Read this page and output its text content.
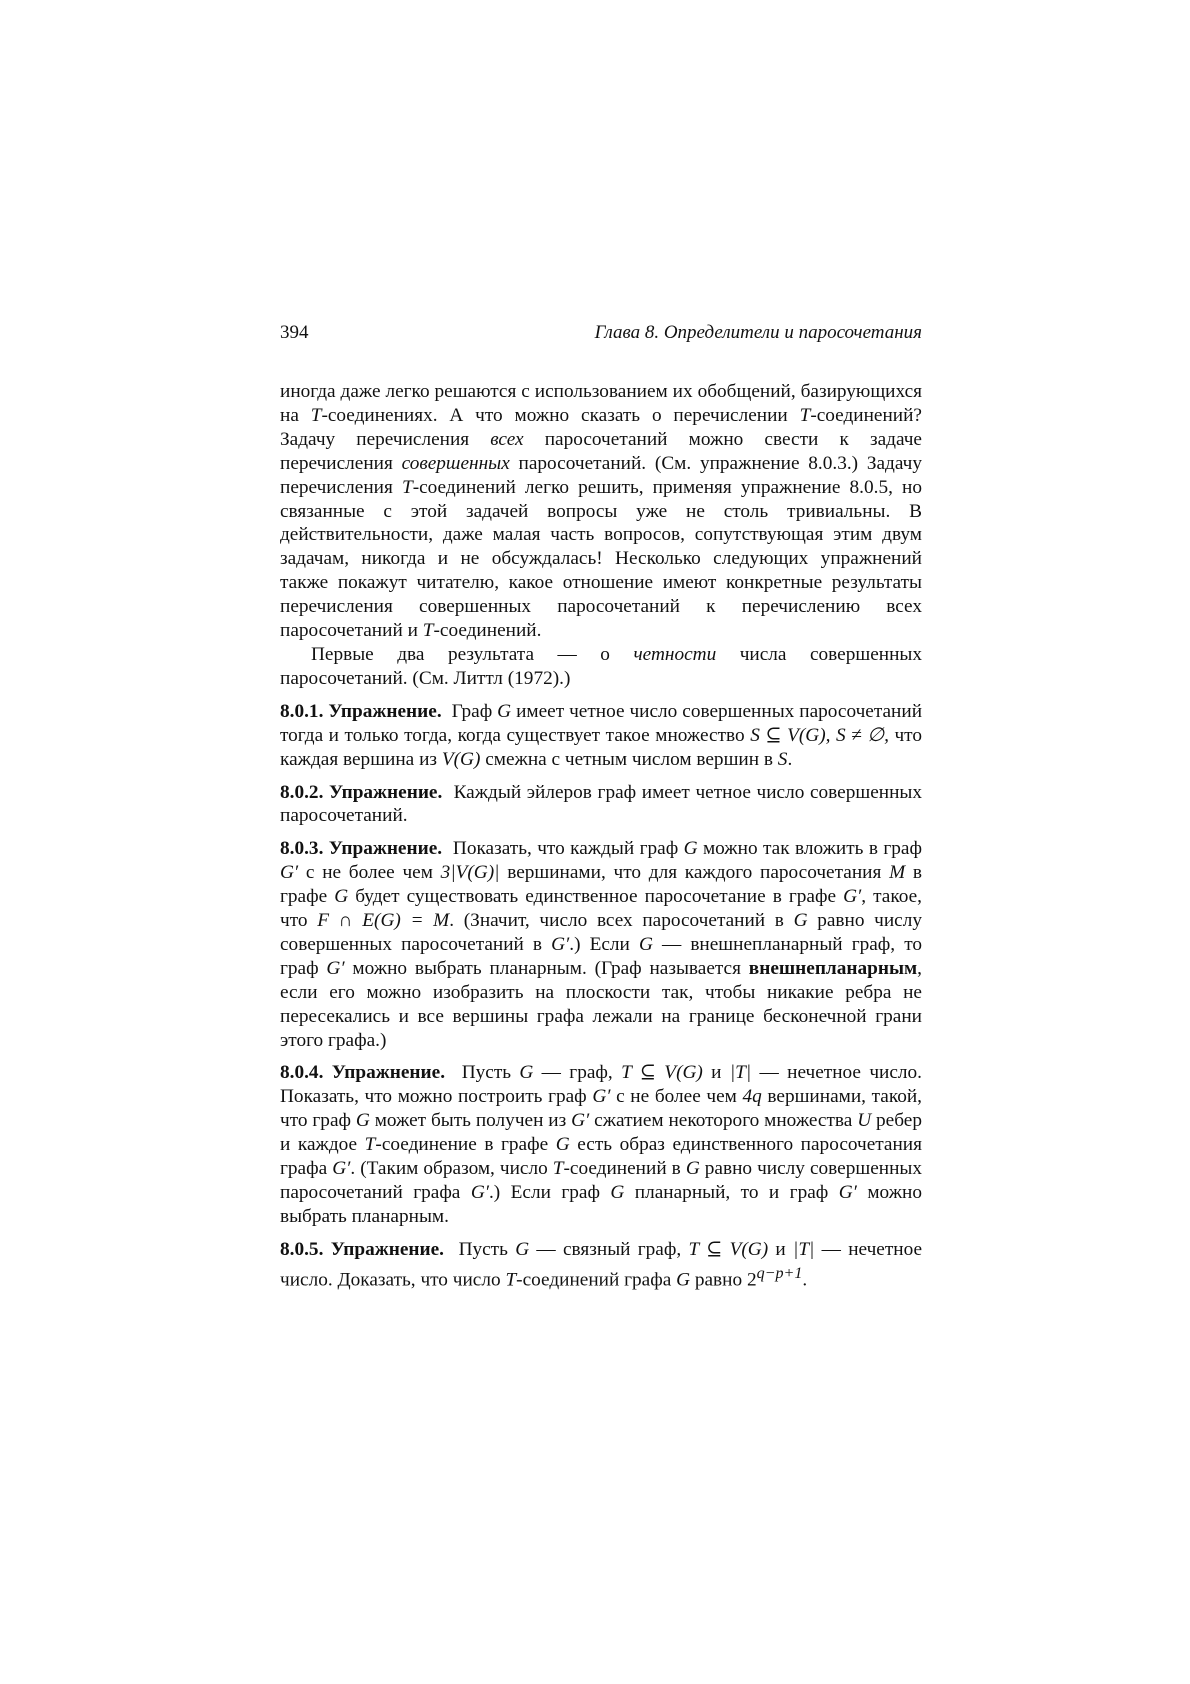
394	Глава 8. Определители и паросочетания

иногда даже легко решаются с использованием их обобщений, базирующихся на T-соединениях. А что можно сказать о перечислении T-соединений? Задачу перечисления всех паросочетаний можно свести к задаче перечисления совершенных паросочетаний. (См. упражнение 8.0.3.) Задачу перечисления T-соединений легко решить, применяя упражнение 8.0.5, но связанные с этой задачей вопросы уже не столь тривиальны. В действительности, даже малая часть вопросов, сопутствующая этим двум задачам, никогда и не обсуждалась! Несколько следующих упражнений также покажут читателю, какое отношение имеют конкретные результаты перечисления совершенных паросочетаний к перечислению всех паросочетаний и T-соединений.

Первые два результата — о четности числа совершенных паросочетаний. (См. Литтл (1972).)

8.0.1. Упражнение. Граф G имеет четное число совершенных паросочетаний тогда и только тогда, когда существует такое множество S ⊆ V(G), S ≠ ∅, что каждая вершина из V(G) смежна с четным числом вершин в S.

8.0.2. Упражнение. Каждый эйлеров граф имеет четное число совершенных паросочетаний.

8.0.3. Упражнение. Показать, что каждый граф G можно так вложить в граф G′ с не более чем 3|V(G)| вершинами, что для каждого паросочетания M в графе G будет существовать единственное паросочетание в графе G′, такое, что F ∩ E(G) = M. (Значит, число всех паросочетаний в G равно числу совершенных паросочетаний в G′.) Если G — внешнепланарный граф, то граф G′ можно выбрать планарным. (Граф называется внешнепланарным, если его можно изобразить на плоскости так, чтобы никакие ребра не пересекались и все вершины графа лежали на границе бесконечной грани этого графа.)

8.0.4. Упражнение. Пусть G — граф, T ⊆ V(G) и |T| — нечетное число. Показать, что можно построить граф G′ с не более чем 4q вершинами, такой, что граф G может быть получен из G′ сжатием некоторого множества U ребер и каждое T-соединение в графе G есть образ единственного паросочетания графа G′. (Таким образом, число T-соединений в G равно числу совершенных паросочетаний графа G′.) Если граф G планарный, то и граф G′ можно выбрать планарным.

8.0.5. Упражнение. Пусть G — связный граф, T ⊆ V(G) и |T| — нечетное число. Доказать, что число T-соединений графа G равно $2^{q-p+1}$.
